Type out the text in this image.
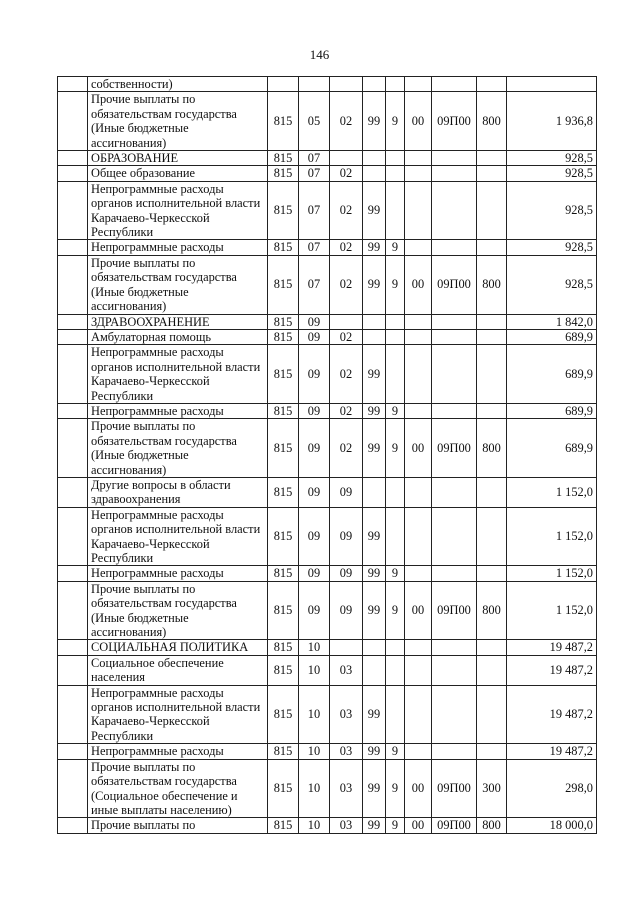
146
	собственности)									
	Прочие выплаты по обязательствам государства (Иные бюджетные ассигнования)	815	05	02	99	9	00	09П00	800	1 936,8
	ОБРАЗОВАНИЕ	815	07							928,5
	Общее образование	815	07	02						928,5
	Непрограммные расходы органов исполнительной власти Карачаево-Черкесской Республики	815	07	02	99					928,5
	Непрограммные расходы	815	07	02	99	9				928,5
	Прочие выплаты по обязательствам государства (Иные бюджетные ассигнования)	815	07	02	99	9	00	09П00	800	928,5
	ЗДРАВООХРАНЕНИЕ	815	09							1 842,0
	Амбулаторная помощь	815	09	02						689,9
	Непрограммные расходы органов исполнительной власти Карачаево-Черкесской Республики	815	09	02	99					689,9
	Непрограммные расходы	815	09	02	99	9				689,9
	Прочие выплаты по обязательствам государства (Иные бюджетные ассигнования)	815	09	02	99	9	00	09П00	800	689,9
	Другие вопросы в области здравоохранения	815	09	09						1 152,0
	Непрограммные расходы органов исполнительной власти Карачаево-Черкесской Республики	815	09	09	99					1 152,0
	Непрограммные расходы	815	09	09	99	9				1 152,0
	Прочие выплаты по обязательствам государства (Иные бюджетные ассигнования)	815	09	09	99	9	00	09П00	800	1 152,0
	СОЦИАЛЬНАЯ ПОЛИТИКА	815	10							19 487,2
	Социальное обеспечение населения	815	10	03						19 487,2
	Непрограммные расходы органов исполнительной власти Карачаево-Черкесской Республики	815	10	03	99					19 487,2
	Непрограммные расходы	815	10	03	99	9				19 487,2
	Прочие выплаты по обязательствам государства (Социальное обеспечение и иные выплаты населению)	815	10	03	99	9	00	09П00	300	298,0
	Прочие выплаты по	815	10	03	99	9	00	09П00	800	18 000,0
